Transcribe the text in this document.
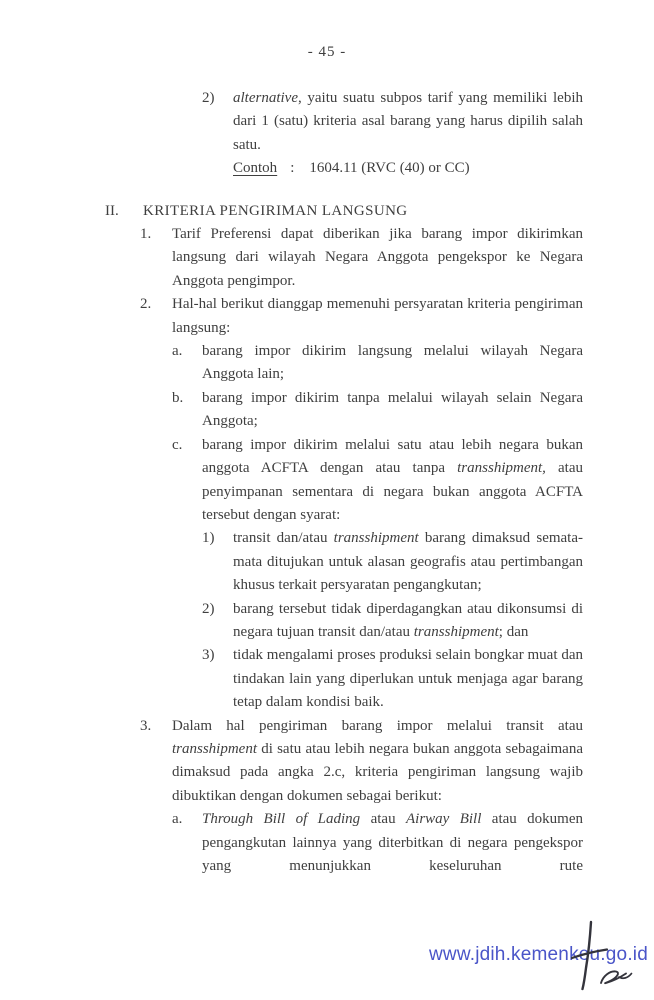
- 45 -
2)	alternative, yaitu suatu subpos tarif yang memiliki lebih dari 1 (satu) kriteria asal barang yang harus dipilih salah satu.
Contoh : 1604.11 (RVC (40) or CC)
II.	KRITERIA PENGIRIMAN LANGSUNG
1.	Tarif Preferensi dapat diberikan jika barang impor dikirimkan langsung dari wilayah Negara Anggota pengekspor ke Negara Anggota pengimpor.
2.	Hal-hal berikut dianggap memenuhi persyaratan kriteria pengiriman langsung:
a.	barang impor dikirim langsung melalui wilayah Negara Anggota lain;
b.	barang impor dikirim tanpa melalui wilayah selain Negara Anggota;
c.	barang impor dikirim melalui satu atau lebih negara bukan anggota ACFTA dengan atau tanpa transshipment, atau penyimpanan sementara di negara bukan anggota ACFTA tersebut dengan syarat:
1)	transit dan/atau transshipment barang dimaksud semata-mata ditujukan untuk alasan geografis atau pertimbangan khusus terkait persyaratan pengangkutan;
2)	barang tersebut tidak diperdagangkan atau dikonsumsi di negara tujuan transit dan/atau transshipment; dan
3)	tidak mengalami proses produksi selain bongkar muat dan tindakan lain yang diperlukan untuk menjaga agar barang tetap dalam kondisi baik.
3.	Dalam hal pengiriman barang impor melalui transit atau transshipment di satu atau lebih negara bukan anggota sebagaimana dimaksud pada angka 2.c, kriteria pengiriman langsung wajib dibuktikan dengan dokumen sebagai berikut:
a.	Through Bill of Lading atau Airway Bill atau dokumen pengangkutan lainnya yang diterbitkan di negara pengekspor yang menunjukkan keseluruhan rute
www.jdih.kemenkeu.go.id
